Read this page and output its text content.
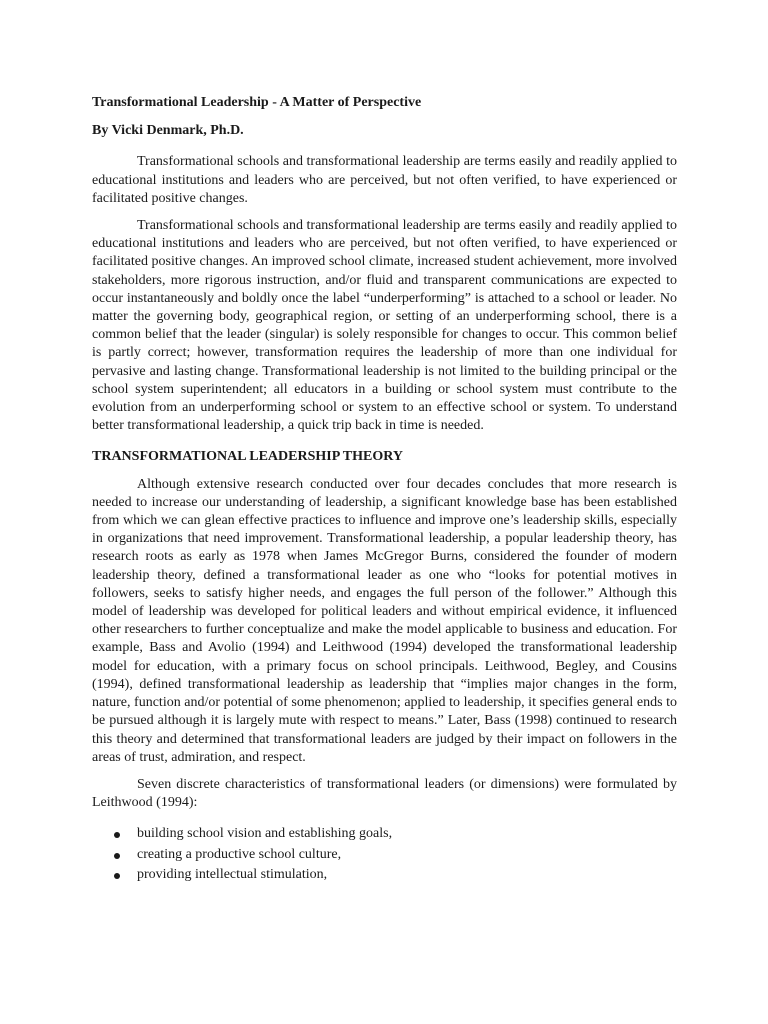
Transformational Leadership - A Matter of Perspective

By Vicki Denmark, Ph.D.

Transformational schools and transformational leadership are terms easily and readily applied to educational institutions and leaders who are perceived, but not often verified, to have experienced or facilitated positive changes.

Transformational schools and transformational leadership are terms easily and readily applied to educational institutions and leaders who are perceived, but not often verified, to have experienced or facilitated positive changes. An improved school climate, increased student achievement, more involved stakeholders, more rigorous instruction, and/or fluid and transparent communications are expected to occur instantaneously and boldly once the label “underperforming” is attached to a school or leader. No matter the governing body, geographical region, or setting of an underperforming school, there is a common belief that the leader (singular) is solely responsible for changes to occur. This common belief is partly correct; however, transformation requires the leadership of more than one individual for pervasive and lasting change. Transformational leadership is not limited to the building principal or the school system superintendent; all educators in a building or school system must contribute to the evolution from an underperforming school or system to an effective school or system. To understand better transformational leadership, a quick trip back in time is needed.

TRANSFORMATIONAL LEADERSHIP THEORY

Although extensive research conducted over four decades concludes that more research is needed to increase our understanding of leadership, a significant knowledge base has been established from which we can glean effective practices to influence and improve one’s leadership skills, especially in organizations that need improvement. Transformational leadership, a popular leadership theory, has research roots as early as 1978 when James McGregor Burns, considered the founder of modern leadership theory, defined a transformational leader as one who “looks for potential motives in followers, seeks to satisfy higher needs, and engages the full person of the follower.” Although this model of leadership was developed for political leaders and without empirical evidence, it influenced other researchers to further conceptualize and make the model applicable to business and education. For example, Bass and Avolio (1994) and Leithwood (1994) developed the transformational leadership model for education, with a primary focus on school principals. Leithwood, Begley, and Cousins (1994), defined transformational leadership as leadership that “implies major changes in the form, nature, function and/or potential of some phenomenon; applied to leadership, it specifies general ends to be pursued although it is largely mute with respect to means.” Later, Bass (1998) continued to research this theory and determined that transformational leaders are judged by their impact on followers in the areas of trust, admiration, and respect.

Seven discrete characteristics of transformational leaders (or dimensions) were formulated by Leithwood (1994):

building school vision and establishing goals,
creating a productive school culture,
providing intellectual stimulation,
